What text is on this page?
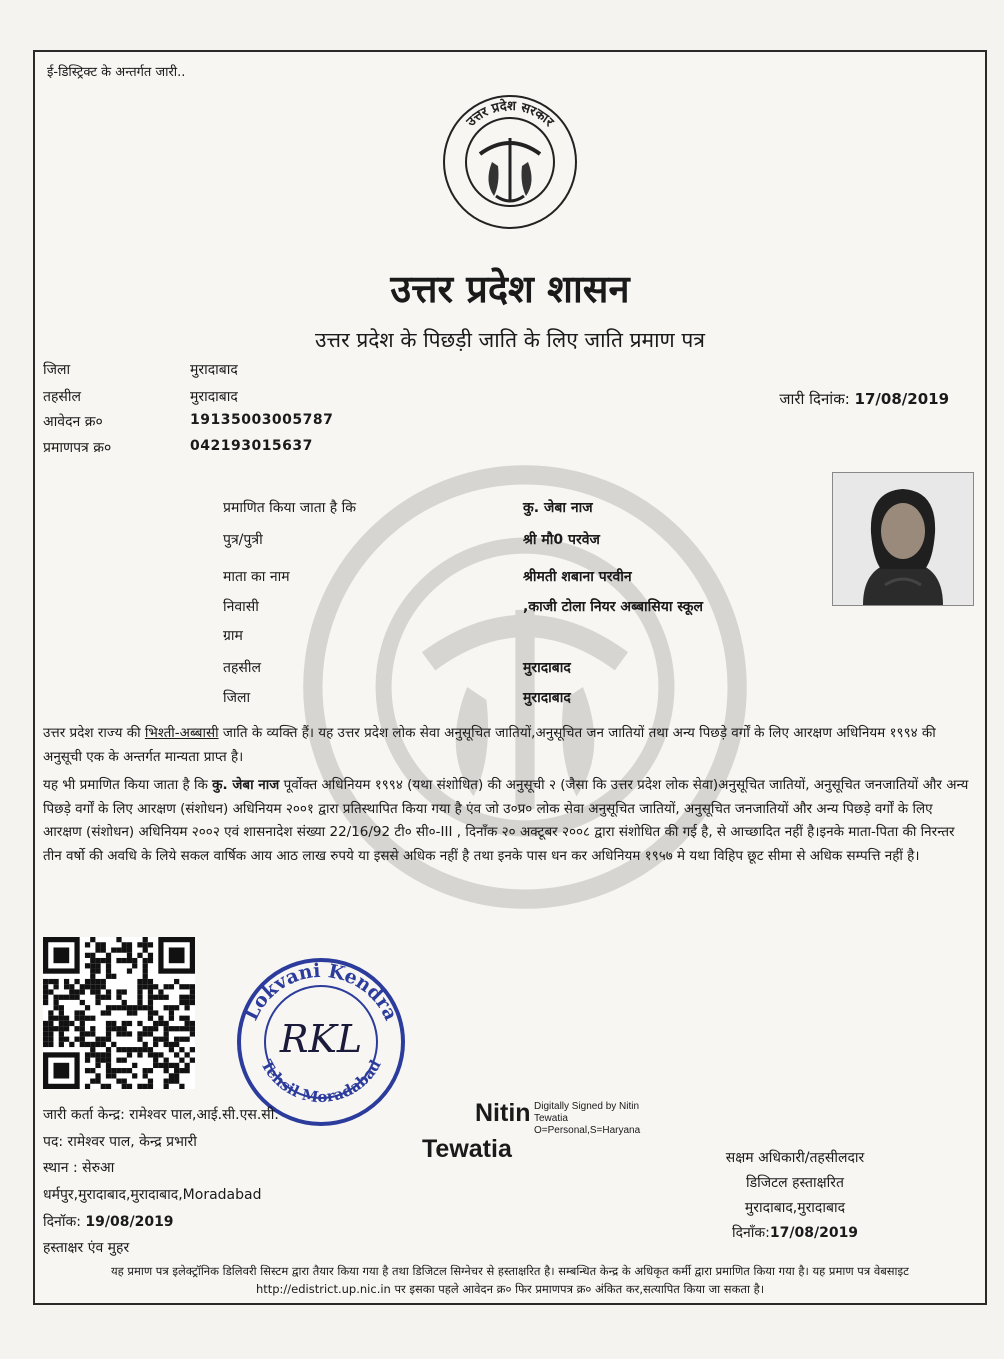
ई-डिस्ट्रिक्ट के अन्तर्गत जारी..
उत्तर प्रदेश सरकार
उत्तर प्रदेश शासन
उत्तर प्रदेश के पिछड़ी जाति के लिए जाति प्रमाण पत्र
जिला	मुरादाबाद
तहसील	मुरादाबाद
आवेदन क्र०	19135003005787
प्रमाणपत्र क्र०	042193015637
जारी दिनांक: 17/08/2019
प्रमाणित किया जाता है कि	कु. जेबा नाज
पुत्र/पुत्री	श्री मौ0 परवेज
माता का नाम	श्रीमती शबाना परवीन
निवासी	,काजी टोला नियर अब्बासिया स्कूल
ग्राम
तहसील	मुरादाबाद
जिला	मुरादाबाद
उत्तर प्रदेश राज्य की भिश्ती-अब्बासी जाति के व्यक्ति हैं। यह उत्तर प्रदेश लोक सेवा अनुसूचित जातियों,अनुसूचित जन जातियों तथा अन्य पिछड़े वर्गों के लिए आरक्षण अधिनियम १९९४ की अनुसूची एक के अन्तर्गत मान्यता प्राप्त है।
यह भी प्रमाणित किया जाता है कि कु. जेबा नाज पूर्वोक्त अधिनियम १९९४ (यथा संशोधित) की अनुसूची २ (जैसा कि उत्तर प्रदेश लोक सेवा)अनुसूचित जातियों, अनुसूचित जनजातियों और अन्य पिछड़े वर्गों के लिए आरक्षण (संशोधन) अधिनियम २००१ द्वारा प्रतिस्थापित किया गया है एंव जो उ०प्र० लोक सेवा अनुसूचित जातियों, अनुसूचित जनजातियों और अन्य पिछड़े वर्गों के लिए आरक्षण (संशोधन) अधिनियम २००२ एवं शासनादेश संख्या 22/16/92 टी० सी०-III , दिनाँक २० अक्टूबर २००८ द्वारा संशोधित की गई है, से आच्छादित नहीं है।इनके माता-पिता की निरन्तर तीन वर्षो की अवधि के लिये सकल वार्षिक आय आठ लाख रुपये या इससे अधिक नहीं है तथा इनके पास धन कर अधिनियम १९५७ मे यथा विहिप छूट सीमा से अधिक सम्पत्ति नहीं है।
Lokvani Kendra
Tehsil Moradabad
RKL
Nitin
Tewatia
Digitally Signed by Nitin
Tewatia
O=Personal,S=Haryana
जारी कर्ता केन्द्र: रामेश्वर पाल,आई.सी.एस.सी.
पद: रामेश्वर पाल, केन्द्र प्रभारी
स्थान : सेरुआ
धर्मपुर,मुरादाबाद,मुरादाबाद,Moradabad
दिनॉक: 19/08/2019
हस्ताक्षर एंव मुहर
सक्षम अधिकारी/तहसीलदार
डिजिटल हस्ताक्षरित
मुरादाबाद,मुरादाबाद
दिनाँक:17/08/2019
यह प्रमाण पत्र इलेक्ट्रॉनिक डिलिवरी सिस्टम द्वारा तैयार किया गया है तथा डिजिटल सिग्नेचर से हस्ताक्षरित है। सम्बन्धित केन्द्र के अधिकृत कर्मी द्वारा प्रमाणित किया गया है। यह प्रमाण पत्र वेबसाइट http://edistrict.up.nic.in पर इसका पहले आवेदन क्र० फिर प्रमाणपत्र क्र० अंकित कर,सत्यापित किया जा सकता है।
